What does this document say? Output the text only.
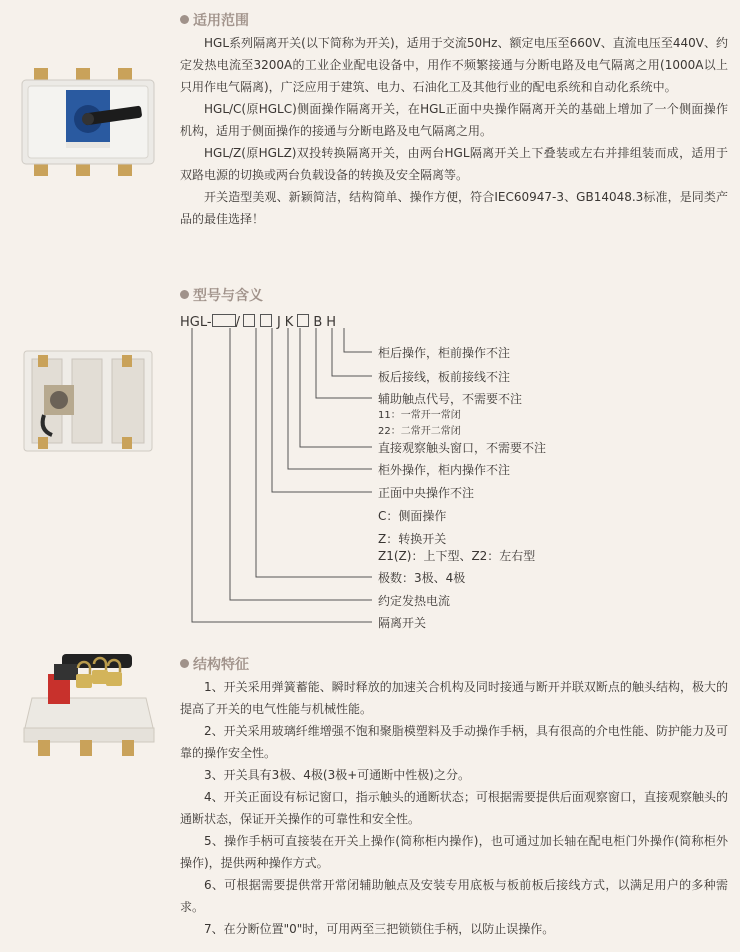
适用范围

HGL系列隔离开关(以下简称为开关)，适用于交流50Hz、额定电压至660V、直流电压至440V、约定发热电流至3200A的工业企业配电设备中，用作不频繁接通与分断电路及电气隔离之用(1000A以上只用作电气隔离)，广泛应用于建筑、电力、石油化工及其他行业的配电系统和自动化系统中。

HGL/C(原HGLC)侧面操作隔离开关，在HGL正面中央操作隔离开关的基础上增加了一个侧面操作机构，适用于侧面操作的接通与分断电路及电气隔离之用。

HGL/Z(原HGLZ)双投转换隔离开关，由两台HGL隔离开关上下叠装或左右并排组装而成，适用于双路电源的切换或两台负载设备的转换及安全隔离等。

开关造型美观、新颖简洁，结构简单、操作方便，符合IEC60947-3、GB14048.3标准，是同类产品的最佳选择！

型号与含义
HGL- /	J K B H
柜后操作，柜前操作不注
板后接线，板前接线不注
辅助触点代号，不需要不注
11：一常开一常闭
22：二常开二常闭
直接观察触头窗口，不需要不注
柜外操作，柜内操作不注
正面中央操作不注
C：侧面操作
Z：转换开关
Z1(Z)：上下型、Z2：左右型
极数：3极、4极
约定发热电流
隔离开关
结构特征

1、开关采用弹簧蓄能、瞬时释放的加速关合机构及同时接通与断开并联双断点的触头结构，极大的提高了开关的电气性能与机械性能。

2、开关采用玻璃纤维增强不饱和聚脂模塑料及手动操作手柄，具有很高的介电性能、防护能力及可靠的操作安全性。

3、开关具有3极、4极(3极+可通断中性极)之分。

4、开关正面设有标记窗口，指示触头的通断状态；可根据需要提供后面观察窗口，直接观察触头的通断状态，保证开关操作的可靠性和安全性。

5、操作手柄可直接装在开关上操作(简称柜内操作)，也可通过加长轴在配电柜门外操作(简称柜外操作)，提供两种操作方式。

6、可根据需要提供常开常闭辅助触点及安装专用底板与板前板后接线方式，以满足用户的多种需求。

7、在分断位置"0"时，可用两至三把锁锁住手柄，以防止误操作。
